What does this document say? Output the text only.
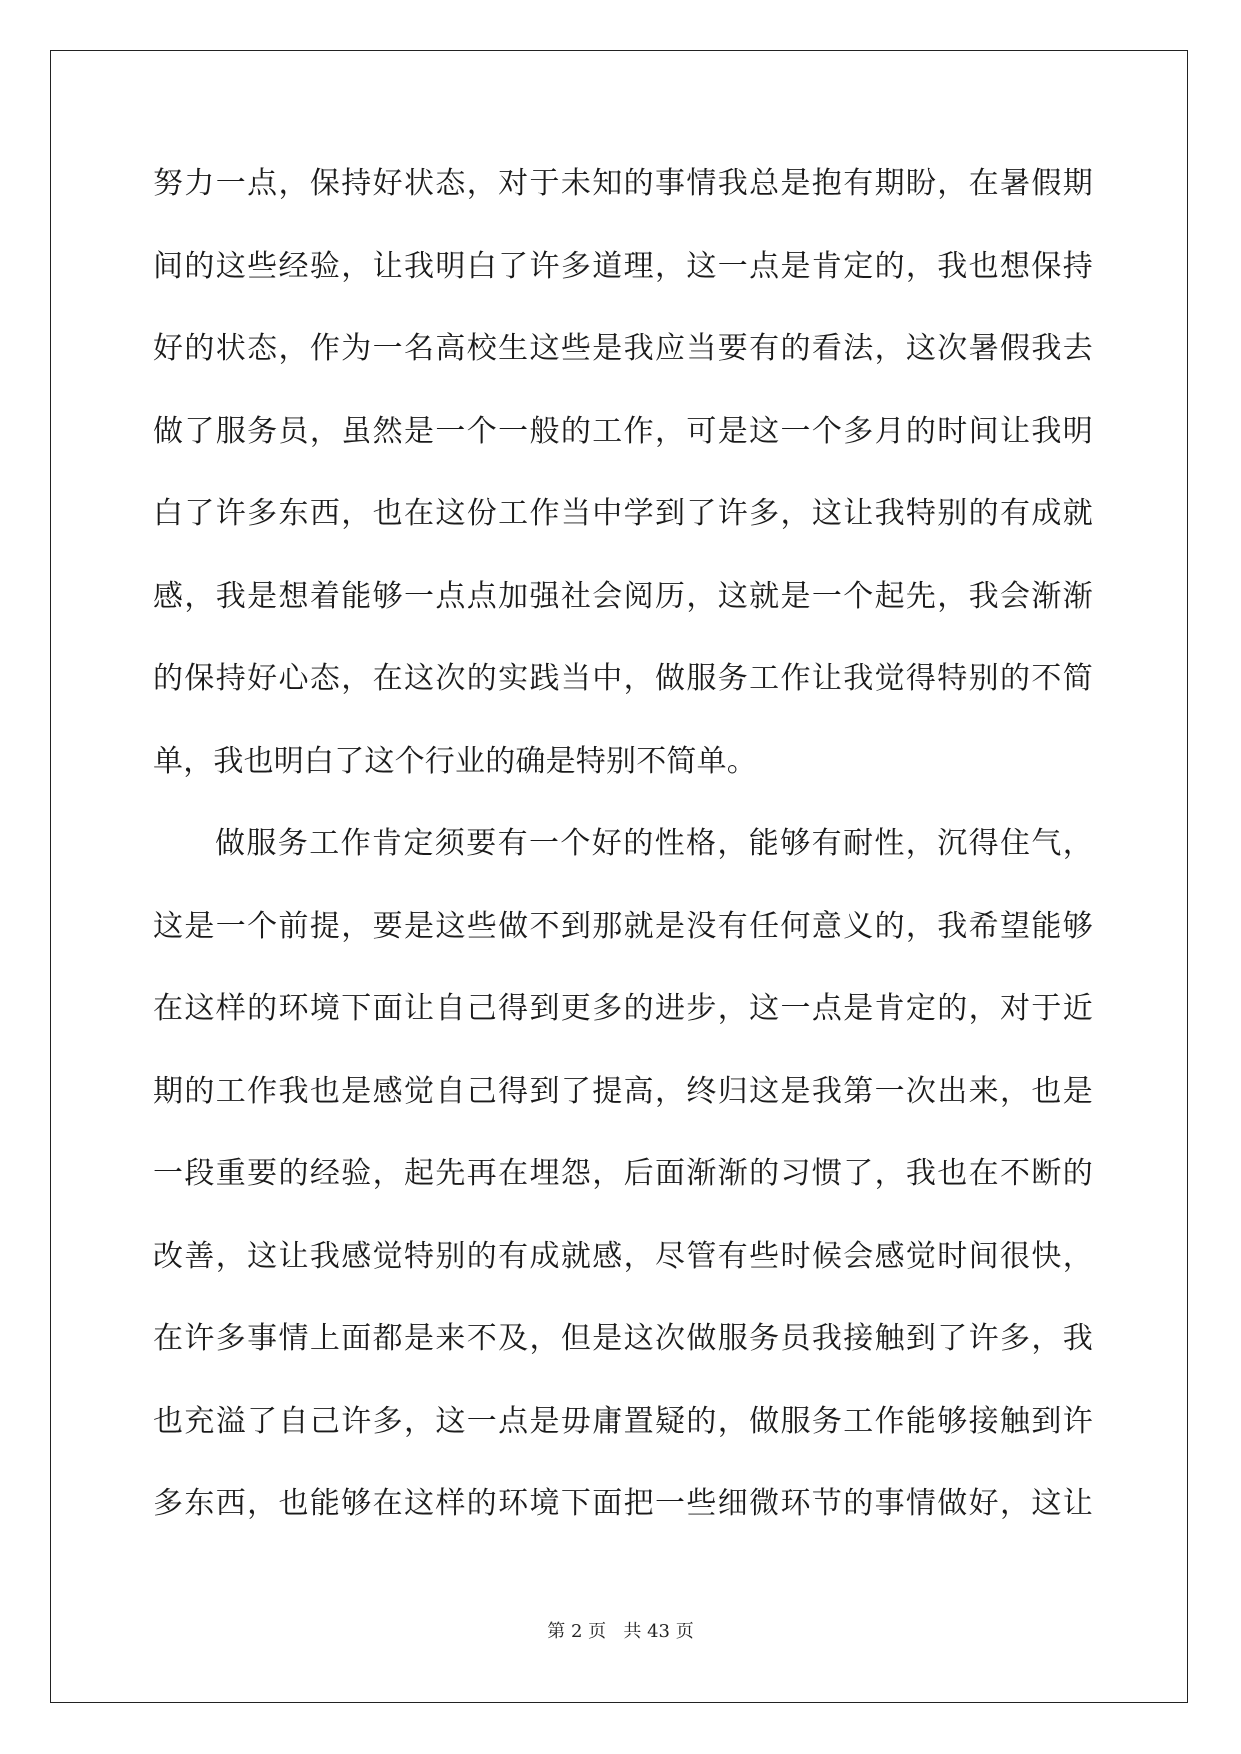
努力一点，保持好状态，对于未知的事情我总是抱有期盼，在暑假期
间的这些经验，让我明白了许多道理，这一点是肯定的，我也想保持
好的状态，作为一名高校生这些是我应当要有的看法，这次暑假我去
做了服务员，虽然是一个一般的工作，可是这一个多月的时间让我明
白了许多东西，也在这份工作当中学到了许多，这让我特别的有成就
感，我是想着能够一点点加强社会阅历，这就是一个起先，我会渐渐
的保持好心态，在这次的实践当中，做服务工作让我觉得特别的不简
单，我也明白了这个行业的确是特别不简单。
做服务工作肯定须要有一个好的性格，能够有耐性，沉得住气，
这是一个前提，要是这些做不到那就是没有任何意义的，我希望能够
在这样的环境下面让自己得到更多的进步，这一点是肯定的，对于近
期的工作我也是感觉自己得到了提高，终归这是我第一次出来，也是
一段重要的经验，起先再在埋怨，后面渐渐的习惯了，我也在不断的
改善，这让我感觉特别的有成就感，尽管有些时候会感觉时间很快，
在许多事情上面都是来不及，但是这次做服务员我接触到了许多，我
也充溢了自己许多，这一点是毋庸置疑的，做服务工作能够接触到许
多东西，也能够在这样的环境下面把一些细微环节的事情做好，这让
第 2 页 共 43 页
